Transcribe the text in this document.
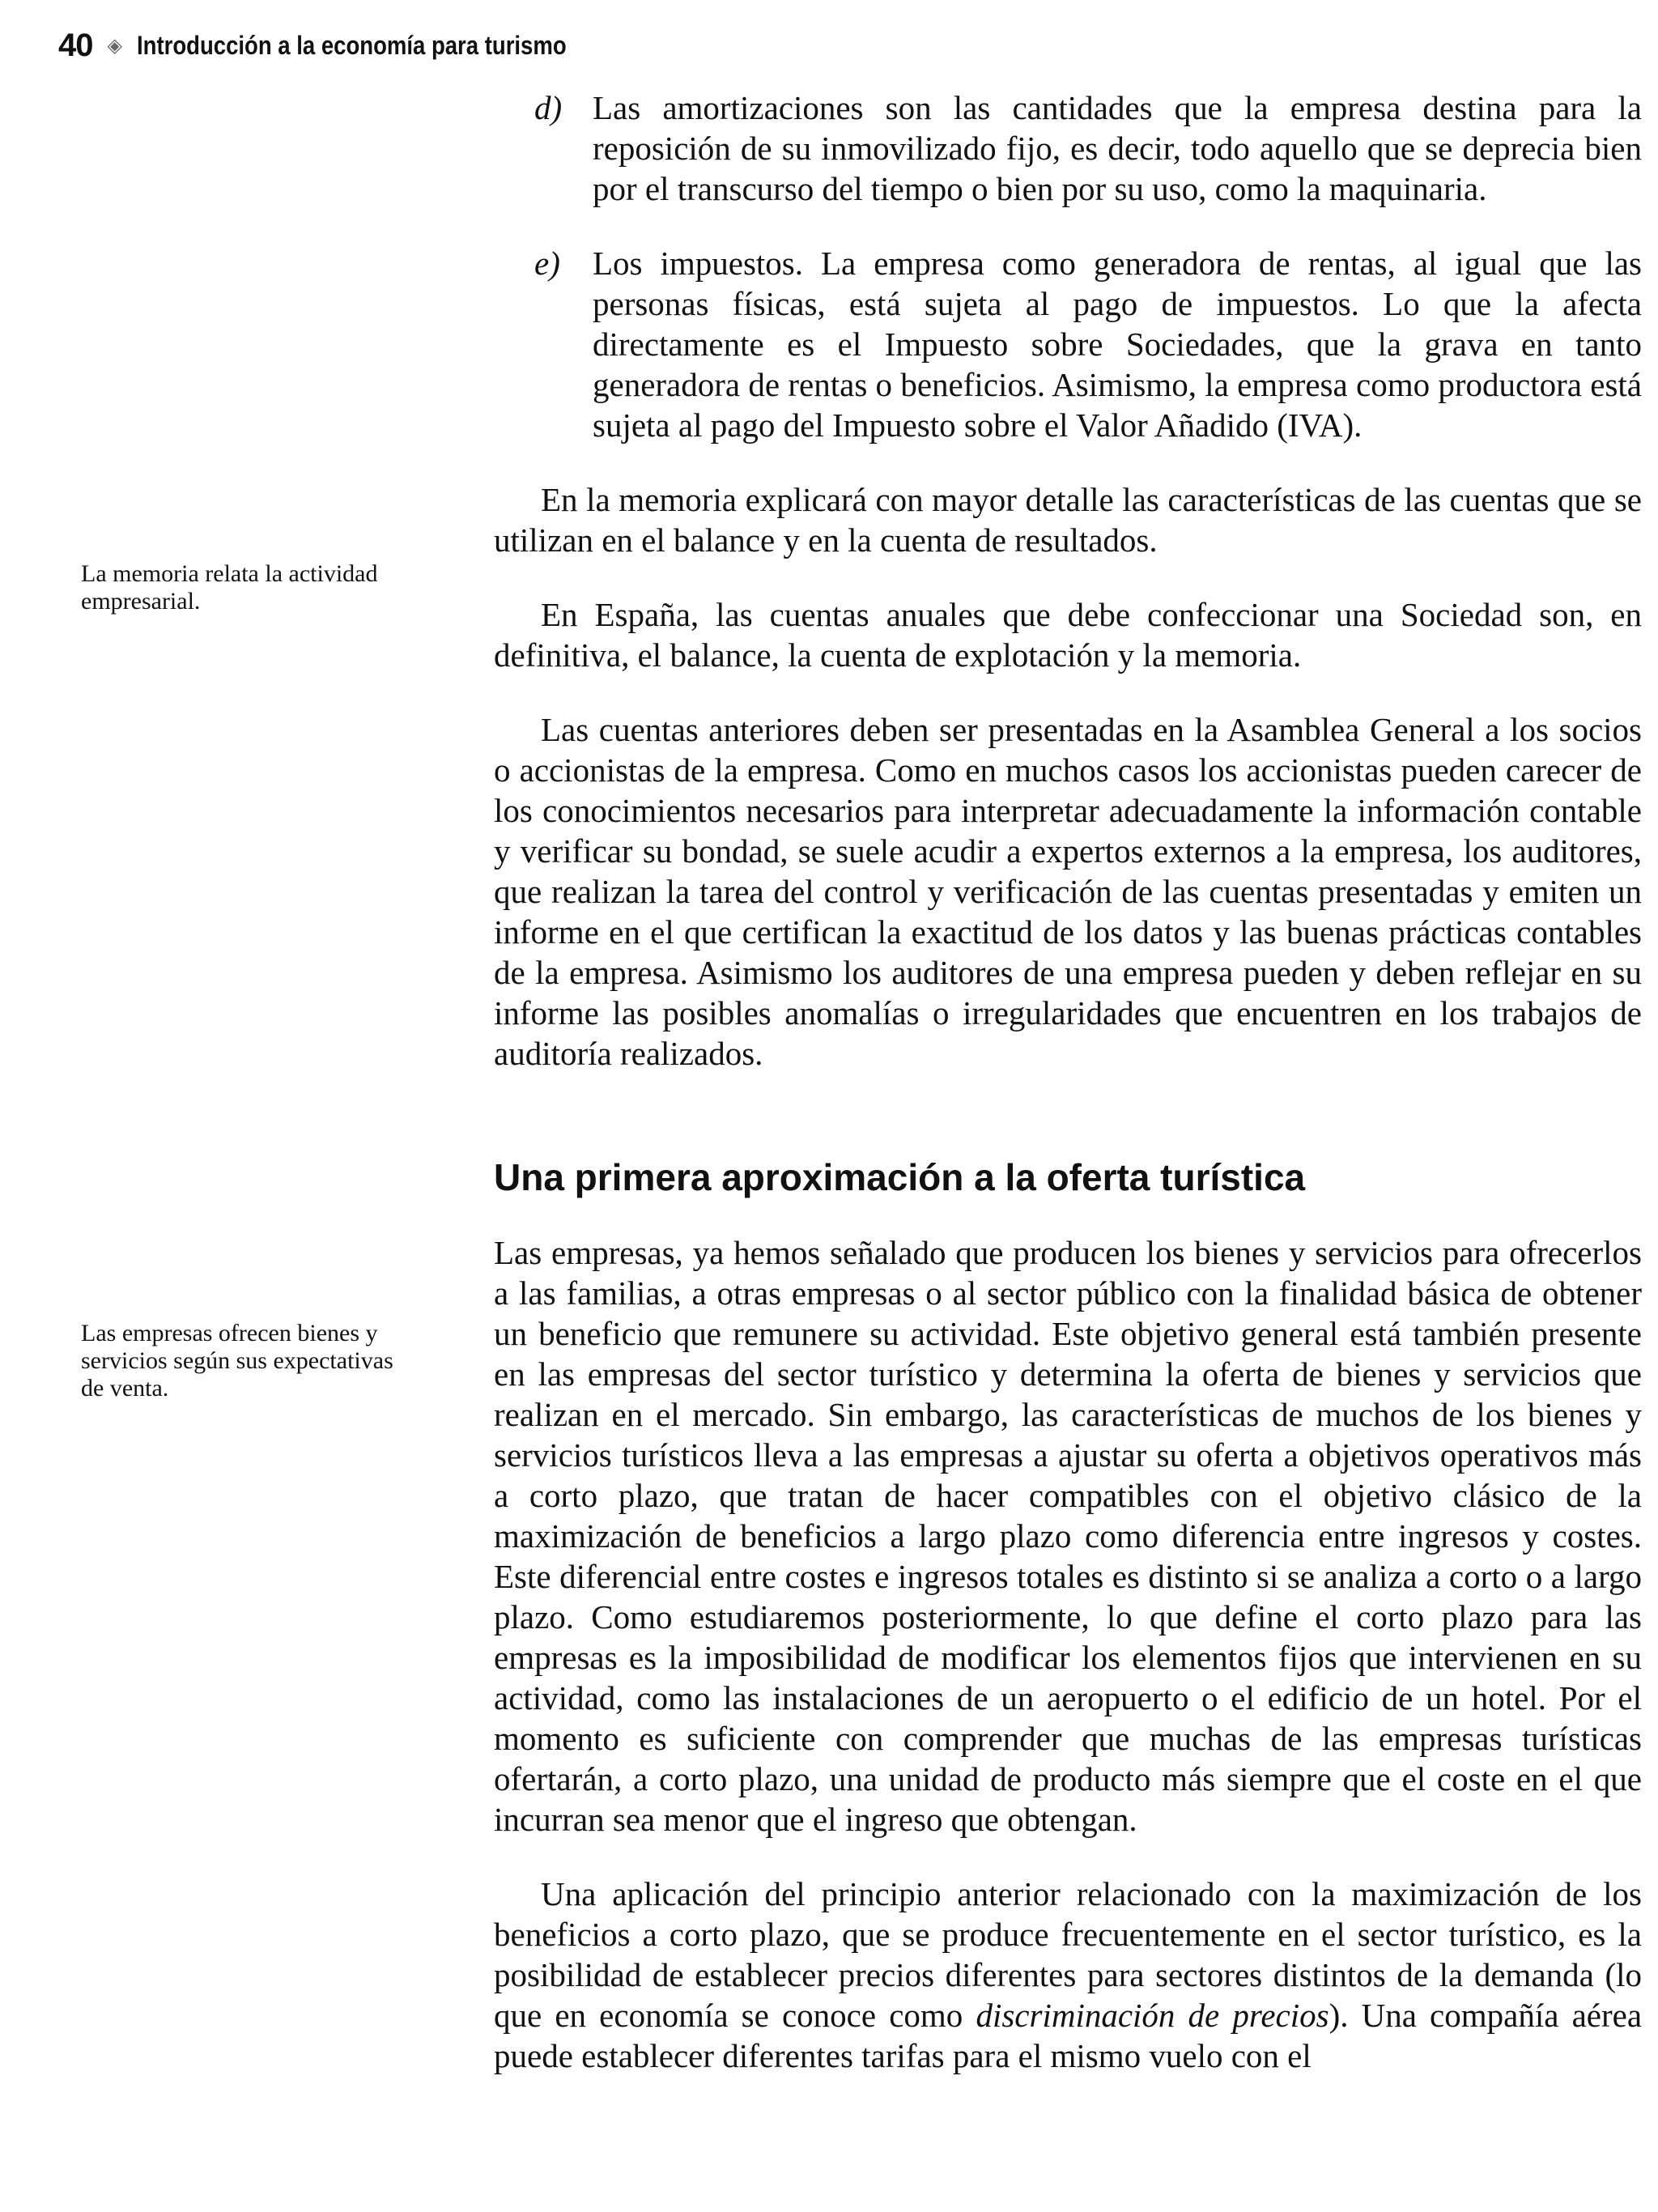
40 ◈ Introducción a la economía para turismo
La memoria relata la actividad empresarial.
Las empresas ofrecen bienes y servicios según sus expectativas de venta.
d) Las amortizaciones son las cantidades que la empresa destina para la reposición de su inmovilizado fijo, es decir, todo aquello que se deprecia bien por el transcurso del tiempo o bien por su uso, como la maquinaria.
e) Los impuestos. La empresa como generadora de rentas, al igual que las personas físicas, está sujeta al pago de impuestos. Lo que la afecta directamente es el Impuesto sobre Sociedades, que la grava en tanto generadora de rentas o beneficios. Asimismo, la empresa como productora está sujeta al pago del Impuesto sobre el Valor Añadido (IVA).

En la memoria explicará con mayor detalle las características de las cuentas que se utilizan en el balance y en la cuenta de resultados.

En España, las cuentas anuales que debe confeccionar una Sociedad son, en definitiva, el balance, la cuenta de explotación y la memoria.

Las cuentas anteriores deben ser presentadas en la Asamblea General a los socios o accionistas de la empresa. Como en muchos casos los accionistas pueden carecer de los conocimientos necesarios para interpretar adecuadamente la información contable y verificar su bondad, se suele acudir a expertos externos a la empresa, los auditores, que realizan la tarea del control y verificación de las cuentas presentadas y emiten un informe en el que certifican la exactitud de los datos y las buenas prácticas contables de la empresa. Asimismo los auditores de una empresa pueden y deben reflejar en su informe las posibles anomalías o irregularidades que encuentren en los trabajos de auditoría realizados.

Una primera aproximación a la oferta turística

Las empresas, ya hemos señalado que producen los bienes y servicios para ofrecerlos a las familias, a otras empresas o al sector público con la finalidad básica de obtener un beneficio que remunere su actividad. Este objetivo general está también presente en las empresas del sector turístico y determina la oferta de bienes y servicios que realizan en el mercado. Sin embargo, las características de muchos de los bienes y servicios turísticos lleva a las empresas a ajustar su oferta a objetivos operativos más a corto plazo, que tratan de hacer compatibles con el objetivo clásico de la maximización de beneficios a largo plazo como diferencia entre ingresos y costes. Este diferencial entre costes e ingresos totales es distinto si se analiza a corto o a largo plazo. Como estudiaremos posteriormente, lo que define el corto plazo para las empresas es la imposibilidad de modificar los elementos fijos que intervienen en su actividad, como las instalaciones de un aeropuerto o el edificio de un hotel. Por el momento es suficiente con comprender que muchas de las empresas turísticas ofertarán, a corto plazo, una unidad de producto más siempre que el coste en el que incurran sea menor que el ingreso que obtengan.

Una aplicación del principio anterior relacionado con la maximización de los beneficios a corto plazo, que se produce frecuentemente en el sector turístico, es la posibilidad de establecer precios diferentes para sectores distintos de la demanda (lo que en economía se conoce como discriminación de precios). Una compañía aérea puede establecer diferentes tarifas para el mismo vuelo con el
